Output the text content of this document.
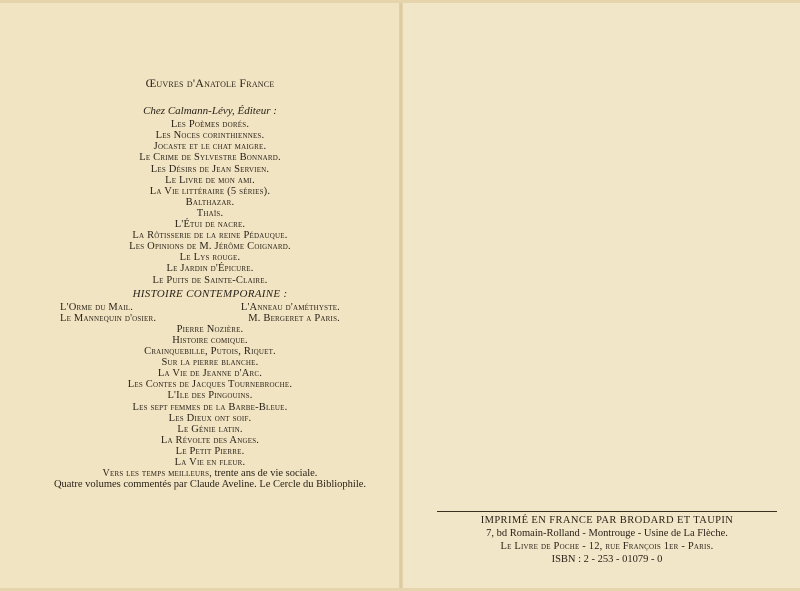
Œuvres d'Anatole France
Chez Calmann-Lévy, Éditeur :
Les Poèmes dorés.
Les Noces corinthiennes.
Jocaste et le chat maigre.
Le Crime de Sylvestre Bonnard.
Les Désirs de Jean Servien.
Le Livre de mon ami.
La Vie littéraire (5 séries).
Balthazar.
Thaïs.
L'Étui de nacre.
La Rôtisserie de la reine Pédauque.
Les Opinions de M. Jérôme Coignard.
Le Lys rouge.
Le Jardin d'Épicure.
Le Puits de Sainte-Claire.
HISTOIRE CONTEMPORAINE :
L'Orme du Mail.	L'Anneau d'améthyste.
Le Mannequin d'osier.	M. Bergeret a Paris.
Pierre Nozière.
Histoire comique.
Crainquebille, Putois, Riquet.
Sur la pierre blanche.
La Vie de Jeanne d'Arc.
Les Contes de Jacques Tournebroche.
L'Ile des Pingouins.
Les sept femmes de la Barbe-Bleue.
Les Dieux ont soif.
Le Génie latin.
La Révolte des Anges.
Le Petit Pierre.
La Vie en fleur.
Vers les temps meilleurs, trente ans de vie sociale.
Quatre volumes commentés par Claude Aveline. Le Cercle du Bibliophile.
IMPRIMÉ EN FRANCE PAR BRODARD ET TAUPIN
7, bd Romain-Rolland - Montrouge - Usine de La Flèche.
Le Livre de Poche - 12, rue François 1er - Paris.
ISBN : 2 - 253 - 01079 - 0
